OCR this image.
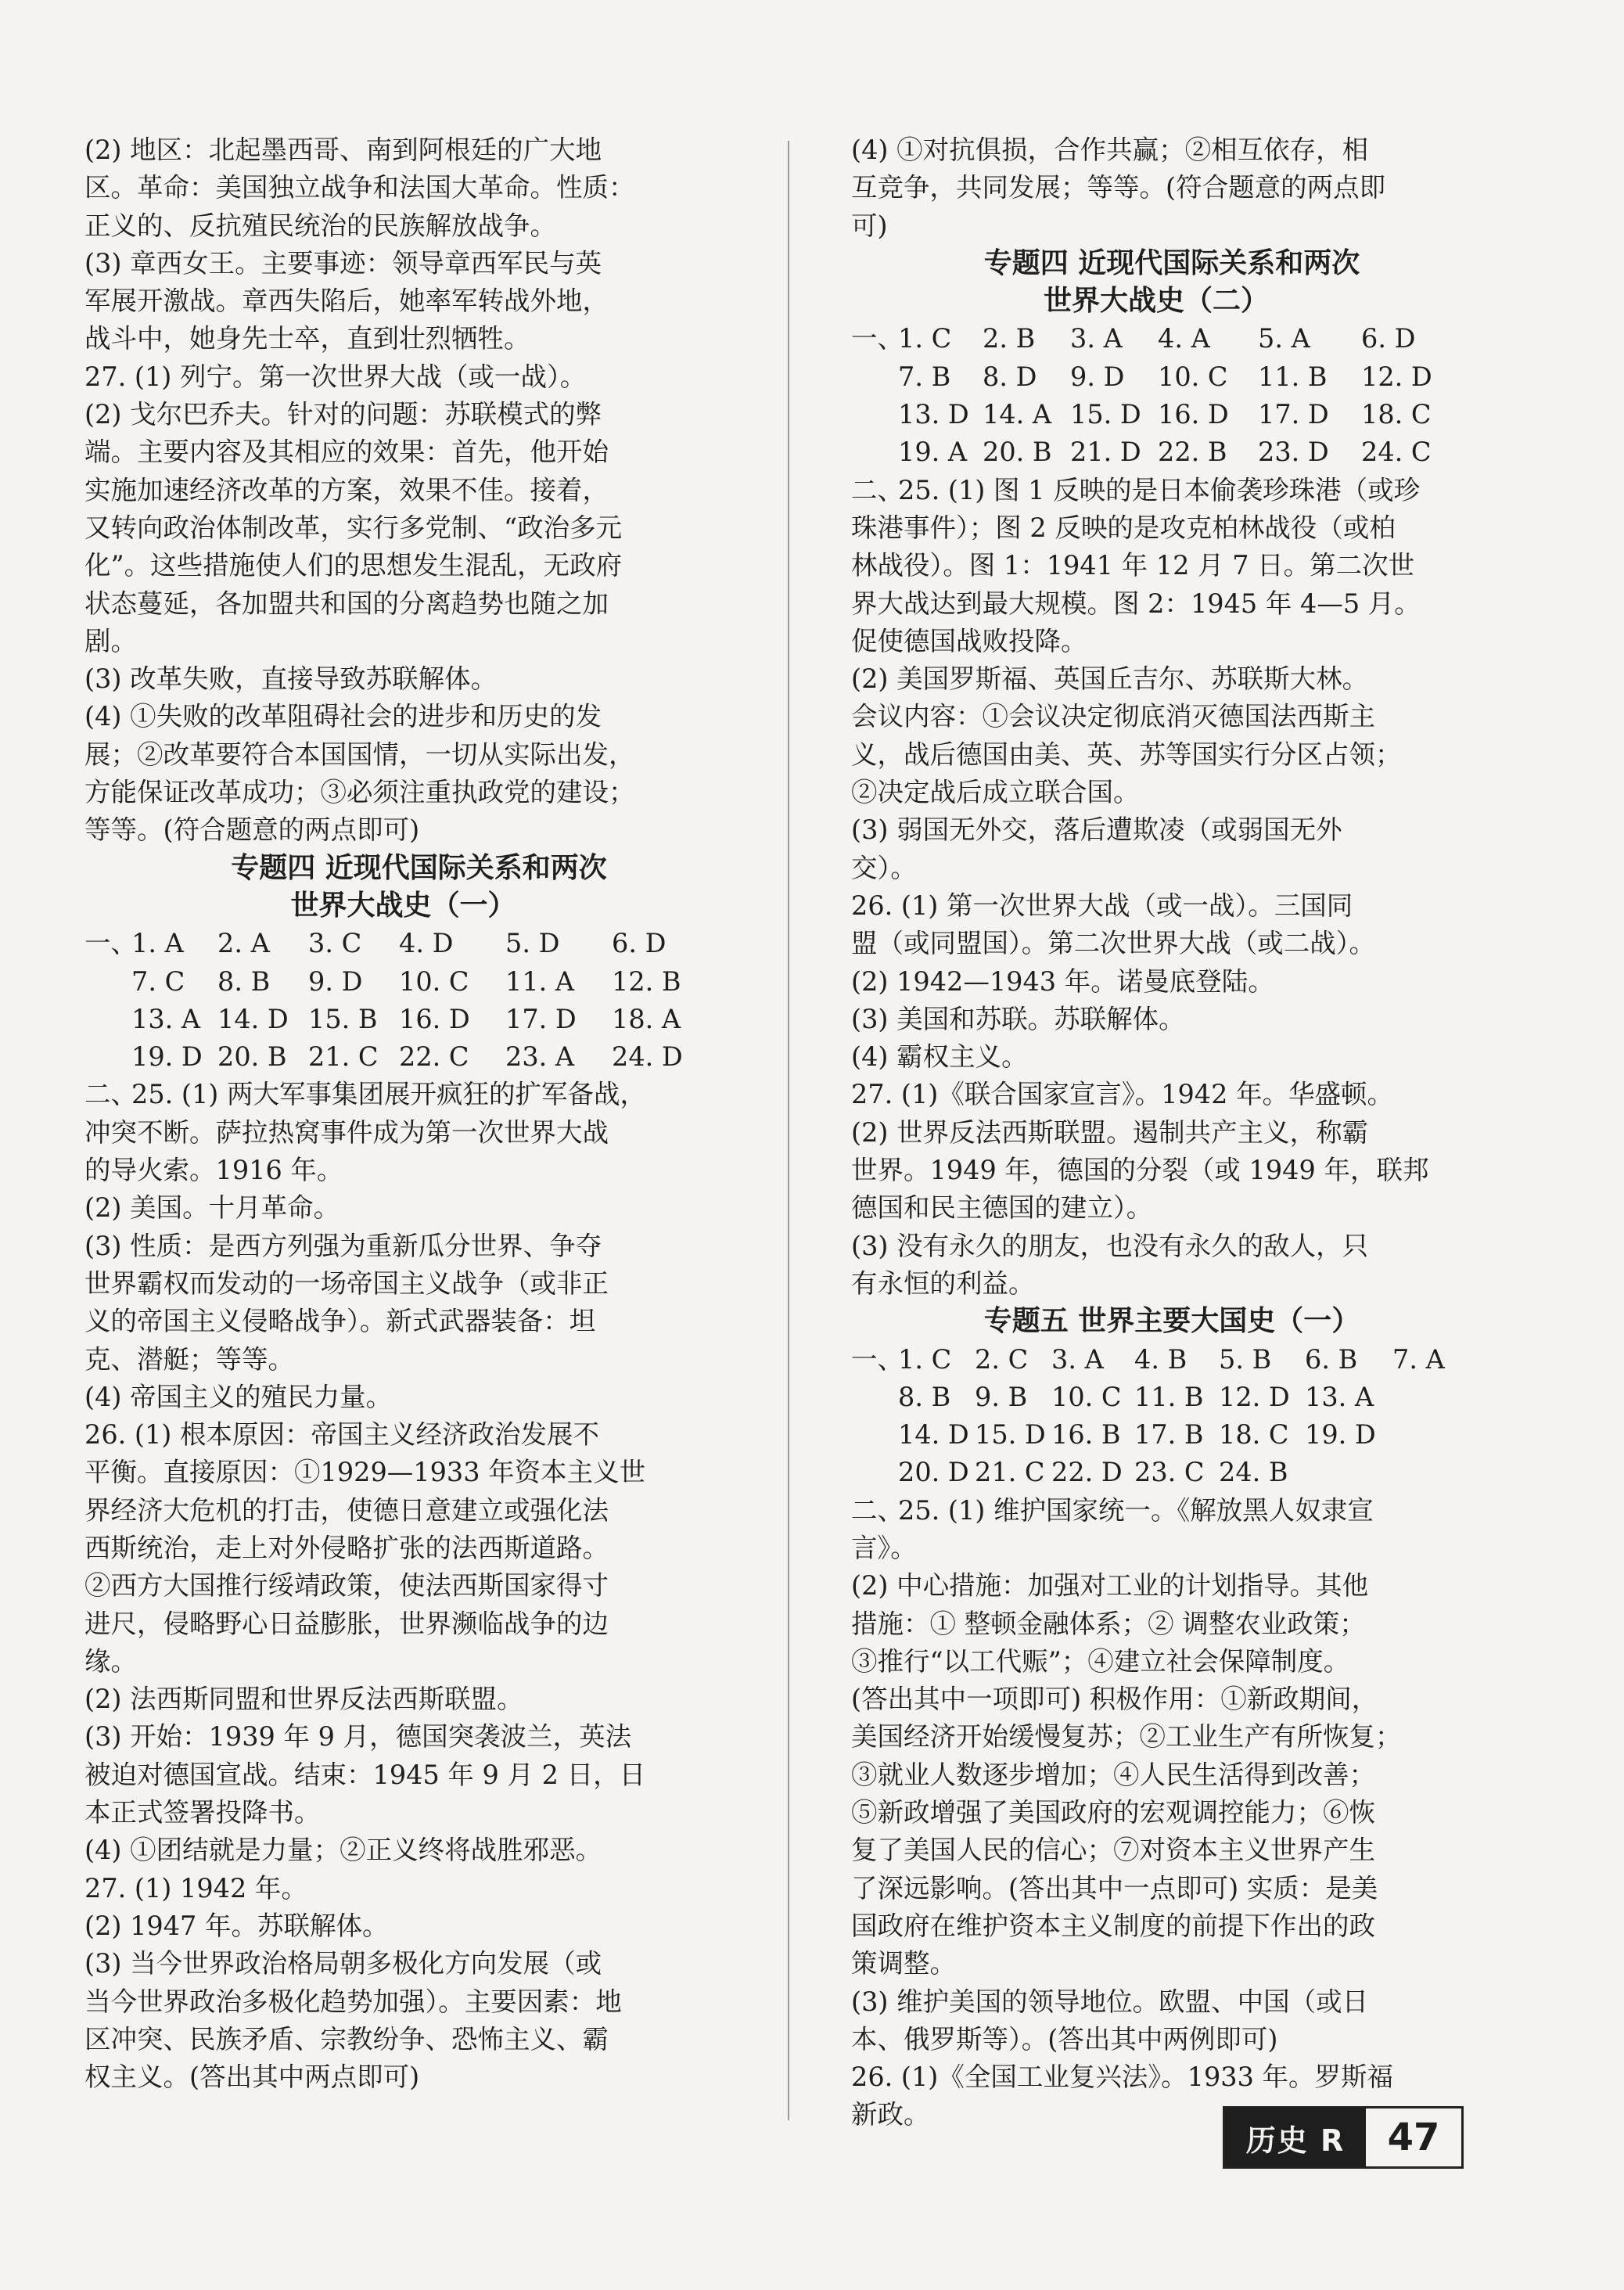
(2) 地区：北起墨西哥、南到阿根廷的广大地
区。革命：美国独立战争和法国大革命。性质：
正义的、反抗殖民统治的民族解放战争。
(3) 章西女王。主要事迹：领导章西军民与英
军展开激战。章西失陷后，她率军转战外地，
战斗中，她身先士卒，直到壮烈牺牲。
27. (1) 列宁。第一次世界大战（或一战）。
(2) 戈尔巴乔夫。针对的问题：苏联模式的弊
端。主要内容及其相应的效果：首先，他开始
实施加速经济改革的方案，效果不佳。接着，
又转向政治体制改革，实行多党制、“政治多元
化”。这些措施使人们的思想发生混乱，无政府
状态蔓延，各加盟共和国的分离趋势也随之加
剧。
(3) 改革失败，直接导致苏联解体。
(4) ①失败的改革阻碍社会的进步和历史的发
展；②改革要符合本国国情，一切从实际出发，
方能保证改革成功；③必须注重执政党的建设；
等等。(符合题意的两点即可)
专题四 近现代国际关系和两次
世界大战史（一）
一、
1. A	2. A	3. C	4. D	5. D	6. D
7. C	8. B	9. D	10. C	11. A	12. B
13. A 14. D 15. B 16. D	17. D	18. A
19. D 20. B 21. C 22. C	23. A	24. D
二、
25. (1) 两大军事集团展开疯狂的扩军备战，
冲突不断。萨拉热窝事件成为第一次世界大战
的导火索。1916 年。
(2) 美国。十月革命。
(3) 性质：是西方列强为重新瓜分世界、争夺
世界霸权而发动的一场帝国主义战争（或非正
义的帝国主义侵略战争）。新式武器装备：坦
克、潜艇；等等。
(4) 帝国主义的殖民力量。
26. (1) 根本原因：帝国主义经济政治发展不
平衡。直接原因：①1929—1933 年资本主义世
界经济大危机的打击，使德日意建立或强化法
西斯统治，走上对外侵略扩张的法西斯道路。
②西方大国推行绥靖政策，使法西斯国家得寸
进尺，侵略野心日益膨胀，世界濒临战争的边
缘。
(2) 法西斯同盟和世界反法西斯联盟。
(3) 开始：1939 年 9 月，德国突袭波兰，英法
被迫对德国宣战。结束：1945 年 9 月 2 日，日
本正式签署投降书。
(4) ①团结就是力量；②正义终将战胜邪恶。
27. (1) 1942 年。
(2) 1947 年。苏联解体。
(3) 当今世界政治格局朝多极化方向发展（或
当今世界政治多极化趋势加强）。主要因素：地
区冲突、民族矛盾、宗教纷争、恐怖主义、霸
权主义。(答出其中两点即可)
(4) ①对抗俱损，合作共赢；②相互依存，相
互竞争，共同发展；等等。(符合题意的两点即
可)
专题四 近现代国际关系和两次
世界大战史（二）
一、
1. C	2. B	3. A	4. A	5. A	6. D
7. B	8. D	9. D	10. C	11. B	12. D
13. D 14. A 15. D 16. D	17. D	18. C
19. A 20. B 21. D 22. B	23. D	24. C
二、
25. (1) 图 1 反映的是日本偷袭珍珠港（或珍
珠港事件）；图 2 反映的是攻克柏林战役（或柏
林战役）。图 1：1941 年 12 月 7 日。第二次世
界大战达到最大规模。图 2：1945 年 4—5 月。
促使德国战败投降。
(2) 美国罗斯福、英国丘吉尔、苏联斯大林。
会议内容：①会议决定彻底消灭德国法西斯主
义，战后德国由美、英、苏等国实行分区占领；
②决定战后成立联合国。
(3) 弱国无外交，落后遭欺凌（或弱国无外
交）。
26. (1) 第一次世界大战（或一战）。三国同
盟（或同盟国）。第二次世界大战（或二战）。
(2) 1942—1943 年。诺曼底登陆。
(3) 美国和苏联。苏联解体。
(4) 霸权主义。
27. (1)《联合国家宣言》。1942 年。华盛顿。
(2) 世界反法西斯联盟。遏制共产主义，称霸
世界。1949 年，德国的分裂（或 1949 年，联邦
德国和民主德国的建立）。
(3) 没有永久的朋友，也没有永久的敌人，只
有永恒的利益。
专题五 世界主要大国史（一）
一、
1. C 2. C 3. A	4. B	5. B	6. B	7. A
8. B 9. B 10. C 11. B 12. D 13. A
14. D 15. D 16. B 17. B 18. C 19. D
20. D 21. C 22. D 23. C 24. B
二、
25. (1) 维护国家统一。《解放黑人奴隶宣
言》。
(2) 中心措施：加强对工业的计划指导。其他
措施：① 整顿金融体系；② 调整农业政策；
③推行“以工代赈”；④建立社会保障制度。
(答出其中一项即可) 积极作用：①新政期间，
美国经济开始缓慢复苏；②工业生产有所恢复；
③就业人数逐步增加；④人民生活得到改善；
⑤新政增强了美国政府的宏观调控能力；⑥恢
复了美国人民的信心；⑦对资本主义世界产生
了深远影响。(答出其中一点即可) 实质：是美
国政府在维护资本主义制度的前提下作出的政
策调整。
(3) 维护美国的领导地位。欧盟、中国（或日
本、俄罗斯等）。(答出其中两例即可)
26. (1)《全国工业复兴法》。1933 年。罗斯福
新政。
历史 R	47
